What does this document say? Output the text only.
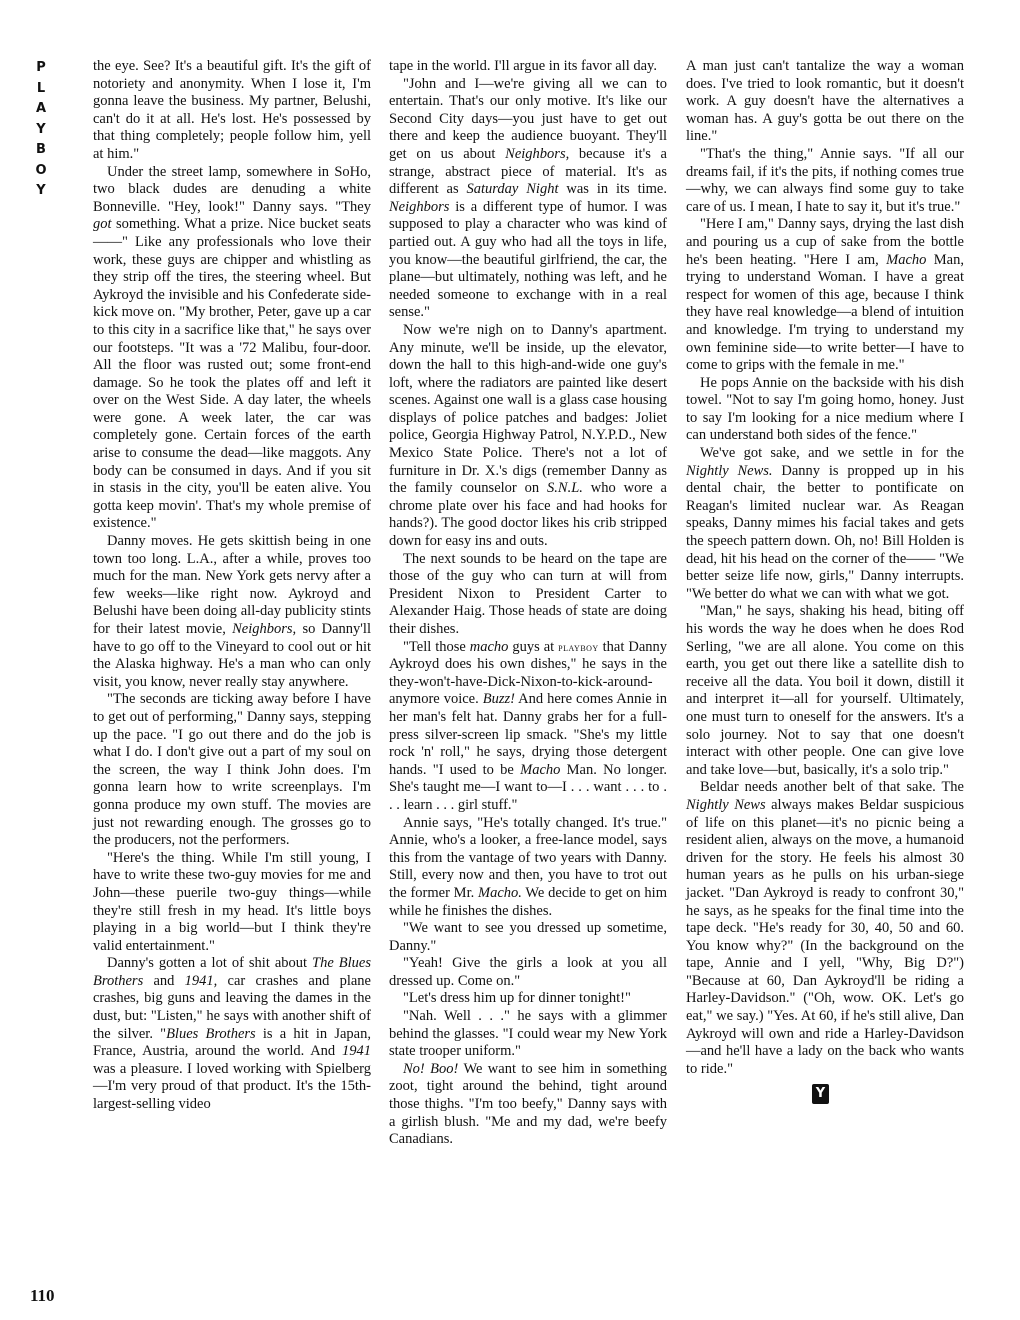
P
L
A
Y
B
O
Y
110

the eye. See? It's a beautiful gift. It's the gift of notoriety and anonymity. When I lose it, I'm gonna leave the business. My partner, Belushi, can't do it at all. He's lost. He's possessed by that thing completely; people follow him, yell at him."

Under the street lamp, somewhere in SoHo, two black dudes are denuding a white Bonneville. "Hey, look!" Danny says. "They got something. What a prize. Nice bucket seats——" Like any professionals who love their work, these guys are chipper and whistling as they strip off the tires, the steering wheel. But Aykroyd the invisible and his Confederate side-kick move on. "My brother, Peter, gave up a car to this city in a sacrifice like that," he says over our footsteps. "It was a '72 Malibu, four-door. All the floor was rusted out; some front-end damage. So he took the plates off and left it over on the West Side. A day later, the wheels were gone. A week later, the car was completely gone. Certain forces of the earth arise to consume the dead—like maggots. Any body can be consumed in days. And if you sit in stasis in the city, you'll be eaten alive. You gotta keep movin'. That's my whole premise of existence."

Danny moves. He gets skittish being in one town too long. L.A., after a while, proves too much for the man. New York gets nervy after a few weeks—like right now. Aykroyd and Belushi have been doing all-day publicity stints for their latest movie, Neighbors, so Danny'll have to go off to the Vineyard to cool out or hit the Alaska highway. He's a man who can only visit, you know, never really stay anywhere.

"The seconds are ticking away before I have to get out of performing," Danny says, stepping up the pace. "I go out there and do the job is what I do. I don't give out a part of my soul on the screen, the way I think John does. I'm gonna learn how to write screenplays. I'm gonna produce my own stuff. The movies are just not rewarding enough. The grosses go to the producers, not the performers.

"Here's the thing. While I'm still young, I have to write these two-guy movies for me and John—these puerile two-guy things—while they're still fresh in my head. It's little boys playing in a big world—but I think they're valid entertainment."

Danny's gotten a lot of shit about The Blues Brothers and 1941, car crashes and plane crashes, big guns and leaving the dames in the dust, but: "Listen," he says with another shift of the silver. "Blues Brothers is a hit in Japan, France, Austria, around the world. And 1941 was a pleasure. I loved working with Spielberg—I'm very proud of that product. It's the 15th-largest-selling video

tape in the world. I'll argue in its favor all day.

"John and I—we're giving all we can to entertain. That's our only motive. It's like our Second City days—you just have to get out there and keep the audience buoyant. They'll get on us about Neighbors, because it's a strange, abstract piece of material. It's as different as Saturday Night was in its time. Neighbors is a different type of humor. I was supposed to play a character who was kind of partied out. A guy who had all the toys in life, you know—the beautiful girlfriend, the car, the plane—but ultimately, nothing was left, and he needed someone to exchange with in a real sense."

Now we're nigh on to Danny's apartment. Any minute, we'll be inside, up the elevator, down the hall to this high-and-wide one guy's loft, where the radiators are painted like desert scenes. Against one wall is a glass case housing displays of police patches and badges: Joliet police, Georgia Highway Patrol, N.Y.P.D., New Mexico State Police. There's not a lot of furniture in Dr. X.'s digs (remember Danny as the family counselor on S.N.L. who wore a chrome plate over his face and had hooks for hands?). The good doctor likes his crib stripped down for easy ins and outs.

The next sounds to be heard on the tape are those of the guy who can turn at will from President Nixon to President Carter to Alexander Haig. Those heads of state are doing their dishes.

"Tell those macho guys at playboy that Danny Aykroyd does his own dishes," he says in the they-won't-have-Dick-Nixon-to-kick-around-anymore voice. Buzz! And here comes Annie in her man's felt hat. Danny grabs her for a full-press silver-screen lip smack. "She's my little rock 'n' roll," he says, drying those detergent hands. "I used to be Macho Man. No longer. She's taught me—I want to—I . . . want . . . to . . . learn . . . girl stuff."

Annie says, "He's totally changed. It's true." Annie, who's a looker, a free-lance model, says this from the vantage of two years with Danny. Still, every now and then, you have to trot out the former Mr. Macho. We decide to get on him while he finishes the dishes.

"We want to see you dressed up sometime, Danny."

"Yeah! Give the girls a look at you all dressed up. Come on."

"Let's dress him up for dinner tonight!"

"Nah. Well . . ." he says with a glimmer behind the glasses. "I could wear my New York state trooper uniform."

No! Boo! We want to see him in something zoot, tight around the behind, tight around those thighs. "I'm too beefy," Danny says with a girlish blush. "Me and my dad, we're beefy Canadians.

A man just can't tantalize the way a woman does. I've tried to look romantic, but it doesn't work. A guy doesn't have the alternatives a woman has. A guy's gotta be out there on the line."

"That's the thing," Annie says. "If all our dreams fail, if it's the pits, if nothing comes true—why, we can always find some guy to take care of us. I mean, I hate to say it, but it's true."

"Here I am," Danny says, drying the last dish and pouring us a cup of sake from the bottle he's been heating. "Here I am, Macho Man, trying to understand Woman. I have a great respect for women of this age, because I think they have real knowledge—a blend of intuition and knowledge. I'm trying to understand my own feminine side—to write better—I have to come to grips with the female in me."

He pops Annie on the backside with his dish towel. "Not to say I'm going homo, honey. Just to say I'm looking for a nice medium where I can understand both sides of the fence."

We've got sake, and we settle in for the Nightly News. Danny is propped up in his dental chair, the better to pontificate on Reagan's limited nuclear war. As Reagan speaks, Danny mimes his facial takes and gets the speech pattern down. Oh, no! Bill Holden is dead, hit his head on the corner of the—— "We better seize life now, girls," Danny interrupts. "We better do what we can with what we got.

"Man," he says, shaking his head, biting off his words the way he does when he does Rod Serling, "we are all alone. You come on this earth, you get out there like a satellite dish to receive all the data. You boil it down, distill it and interpret it—all for yourself. Ultimately, one must turn to oneself for the answers. It's a solo journey. Not to say that one doesn't interact with other people. One can give love and take love—but, basically, it's a solo trip."

Beldar needs another belt of that sake. The Nightly News always makes Beldar suspicious of life on this planet—it's no picnic being a resident alien, always on the move, a humanoid driven for the story. He feels his almost 30 human years as he pulls on his urban-siege jacket. "Dan Aykroyd is ready to confront 30," he says, as he speaks for the final time into the tape deck. "He's ready for 30, 40, 50 and 60. You know why?" (In the background on the tape, Annie and I yell, "Why, Big D?") "Because at 60, Dan Aykroyd'll be riding a Harley-Davidson." ("Oh, wow. OK. Let's go eat," we say.) "Yes. At 60, if he's still alive, Dan Aykroyd will own and ride a Harley-Davidson—and he'll have a lady on the back who wants to ride."

Y
